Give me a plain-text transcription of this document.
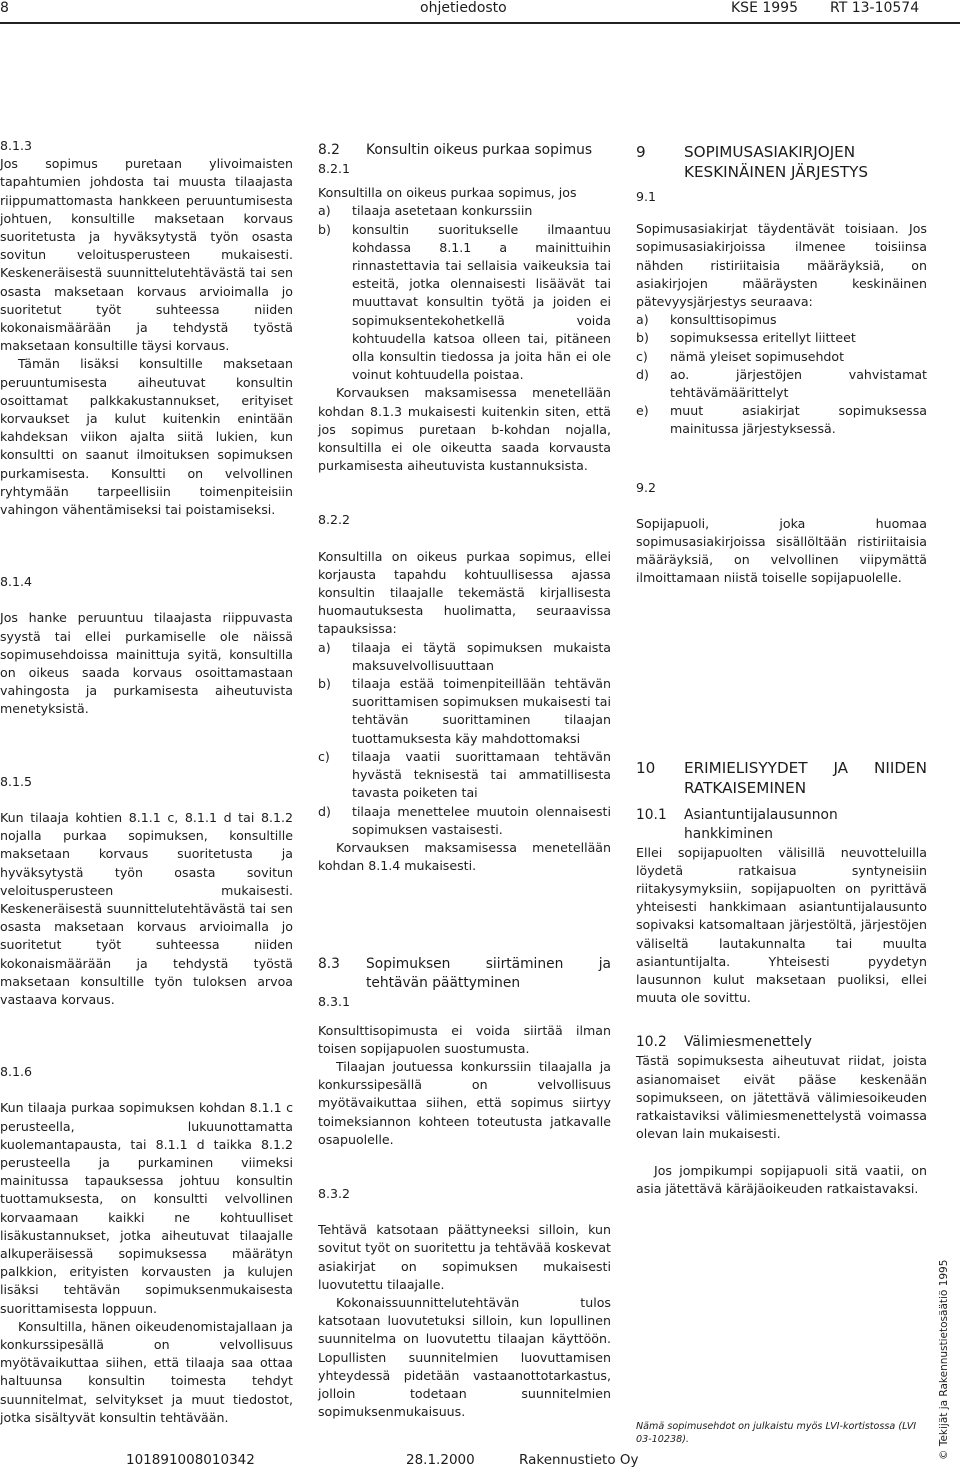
8	ohjetiedosto	KSE 1995 RT 13-10574

8.1.3

Jos sopimus puretaan ylivoimaisten tapahtumien johdosta tai muusta tilaajasta riippumattomasta hankkeen peruuntumisesta johtuen, konsultille maksetaan korvaus suoritetusta ja hyväksytystä työn osasta sovitun veloitusperusteen mukaisesti. Keskeneräisestä suunnittelutehtävästä tai sen osasta maksetaan korvaus arvioimalla jo suoritetut työt suhteessa niiden kokonaismäärään ja tehdystä työstä maksetaan konsultille täysi korvaus.

Tämän lisäksi konsultille maksetaan peruuntumisesta aiheutuvat konsultin osoittamat palkkakustannukset, erityiset korvaukset ja kulut kuitenkin enintään kahdeksan viikon ajalta siitä lukien, kun konsultti on saanut ilmoituksen sopimuksen purkamisesta. Konsultti on velvollinen ryhtymään tarpeellisiin toimenpiteisiin vahingon vähentämiseksi tai poistamiseksi.

8.1.4

Jos hanke peruuntuu tilaajasta riippuvasta syystä tai ellei purkamiselle ole näissä sopimusehdoissa mainittuja syitä, konsultilla on oikeus saada korvaus osoittamastaan vahingosta ja purkamisesta aiheutuvista menetyksistä.

8.1.5

Kun tilaaja kohtien 8.1.1 c, 8.1.1 d tai 8.1.2 nojalla purkaa sopimuksen, konsultille maksetaan korvaus suoritetusta ja hyväksytystä työn osasta sovitun veloitusperusteen mukaisesti. Keskeneräisestä suunnittelutehtävästä tai sen osasta maksetaan korvaus arvioimalla jo suoritetut työt suhteessa niiden kokonaismäärään ja tehdystä työstä maksetaan konsultille työn tuloksen arvoa vastaava korvaus.

8.1.6

Kun tilaaja purkaa sopimuksen kohdan 8.1.1 c perusteella, lukuunottamatta kuolemantapausta, tai 8.1.1 d taikka 8.1.2 perusteella ja purkaminen viimeksi mainitussa tapauksessa johtuu konsultin tuottamuksesta, on konsultti velvollinen korvaamaan kaikki ne kohtuulliset lisäkustannukset, jotka aiheutuvat tilaajalle alkuperäisessä sopimuksessa määrätyn palkkion, erityisten korvausten ja kulujen lisäksi tehtävän sopimuksenmukaisesta suorittamisesta loppuun.

Konsultilla, hänen oikeudenomistajallaan ja konkurssipesällä on velvollisuus myötävaikuttaa siihen, että tilaaja saa ottaa haltuunsa konsultin toimesta tehdyt suunnitelmat, selvitykset ja muut tiedostot, jotka sisältyvät konsultin tehtävään.

8.2	Konsultin oikeus purkaa sopimus

8.2.1

Konsultilla on oikeus purkaa sopimus, jos

a)	tilaaja asetetaan konkurssiin
b)	konsultin suoritukselle ilmaantuu kohdassa 8.1.1 a mainittuihin rinnastettavia tai sellaisia vaikeuksia tai esteitä, jotka olennaisesti lisäävät tai muuttavat konsultin työtä ja joiden ei sopimuksentekohetkellä voida kohtuudella katsoa olleen tai, pitäneen olla konsultin tiedossa ja joita hän ei ole voinut kohtuudella poistaa.

Korvauksen maksamisessa menetellään kohdan 8.1.3 mukaisesti kuitenkin siten, että jos sopimus puretaan b-kohdan nojalla, konsultilla ei ole oikeutta saada korvausta purkamisesta aiheutuvista kustannuksista.

8.2.2

Konsultilla on oikeus purkaa sopimus, ellei korjausta tapahdu kohtuullisessa ajassa konsultin tilaajalle tekemästä kirjallisesta huomautuksesta huolimatta, seuraavissa tapauksissa:

a)	tilaaja ei täytä sopimuksen mukaista maksuvelvollisuuttaan
b)	tilaaja estää toimenpiteillään tehtävän suorittamisen sopimuksen mukaisesti tai tehtävän suorittaminen tilaajan tuottamuksesta käy mahdottomaksi
c)	tilaaja vaatii suorittamaan tehtävän hyvästä teknisestä tai ammatillisesta tavasta poiketen tai
d)	tilaaja menettelee muutoin olennaisesti sopimuksen vastaisesti.

Korvauksen maksamisessa menetellään kohdan 8.1.4 mukaisesti.

8.3	Sopimuksen siirtäminen ja tehtävän päättyminen

8.3.1

Konsulttisopimusta ei voida siirtää ilman toisen sopijapuolen suostumusta.

Tilaajan joutuessa konkurssiin tilaajalla ja konkurssipesällä on velvollisuus myötävaikuttaa siihen, että sopimus siirtyy toimeksiannon kohteen toteutusta jatkavalle osapuolelle.

8.3.2

Tehtävä katsotaan päättyneeksi silloin, kun sovitut työt on suoritettu ja tehtävää koskevat asiakirjat on sopimuksen mukaisesti luovutettu tilaajalle.

Kokonaissuunnittelutehtävän tulos katsotaan luovutetuksi silloin, kun lopullinen suunnitelma on luovutettu tilaajan käyttöön. Lopullisten suunnitelmien luovuttamisen yhteydessä pidetään vastaanottotarkastus, jolloin todetaan suunnitelmien sopimuksenmukaisuus.

9	SOPIMUSASIAKIRJOJEN KESKINÄINEN JÄRJESTYS

9.1

Sopimusasiakirjat täydentävät toisiaan. Jos sopimusasiakirjoissa ilmenee toisiinsa nähden ristiriitaisia määräyksiä, on asiakirjojen määräysten keskinäinen pätevyysjärjestys seuraava:

a)	konsulttisopimus
b)	sopimuksessa eritellyt liitteet
c)	nämä yleiset sopimusehdot
d)	ao. järjestöjen vahvistamat tehtävämäärittelyt
e)	muut asiakirjat sopimuksessa mainitussa järjestyksessä.

9.2

Sopijapuoli, joka huomaa sopimusasiakirjoissa sisällöltään ristiriitaisia määräyksiä, on velvollinen viipymättä ilmoittamaan niistä toiselle sopijapuolelle.

10	ERIMIELISYYDET JA NIIDEN RATKAISEMINEN
10.1	Asiantuntijalausunnon hankkiminen

Ellei sopijapuolten välisillä neuvotteluilla löydetä ratkaisua syntyneisiin riitakysymyksiin, sopijapuolten on pyrittävä yhteisesti hankkimaan asiantuntijalausunto sopivaksi katsomaltaan järjestöltä, järjestöjen väliseltä lautakunnalta tai muulta asiantuntijalta. Yhteisesti pyydetyn lausunnon kulut maksetaan puoliksi, ellei muuta ole sovittu.

10.2	Välimiesmenettely

Tästä sopimuksesta aiheutuvat riidat, joista asianomaiset eivät pääse keskenään sopimukseen, on jätettävä välimiesoikeuden ratkaistaviksi välimiesmenettelystä voimassa olevan lain mukaisesti.

Jos jompikumpi sopijapuoli sitä vaatii, on asia jätettävä käräjäoikeuden ratkaistavaksi.

Nämä sopimusehdot on julkaistu myös LVI-kortistossa (LVI 03-10238).
101891008010342	28.1.2000	Rakennustieto Oy	© Tekijät ja Rakennustietosäätiö 1995
